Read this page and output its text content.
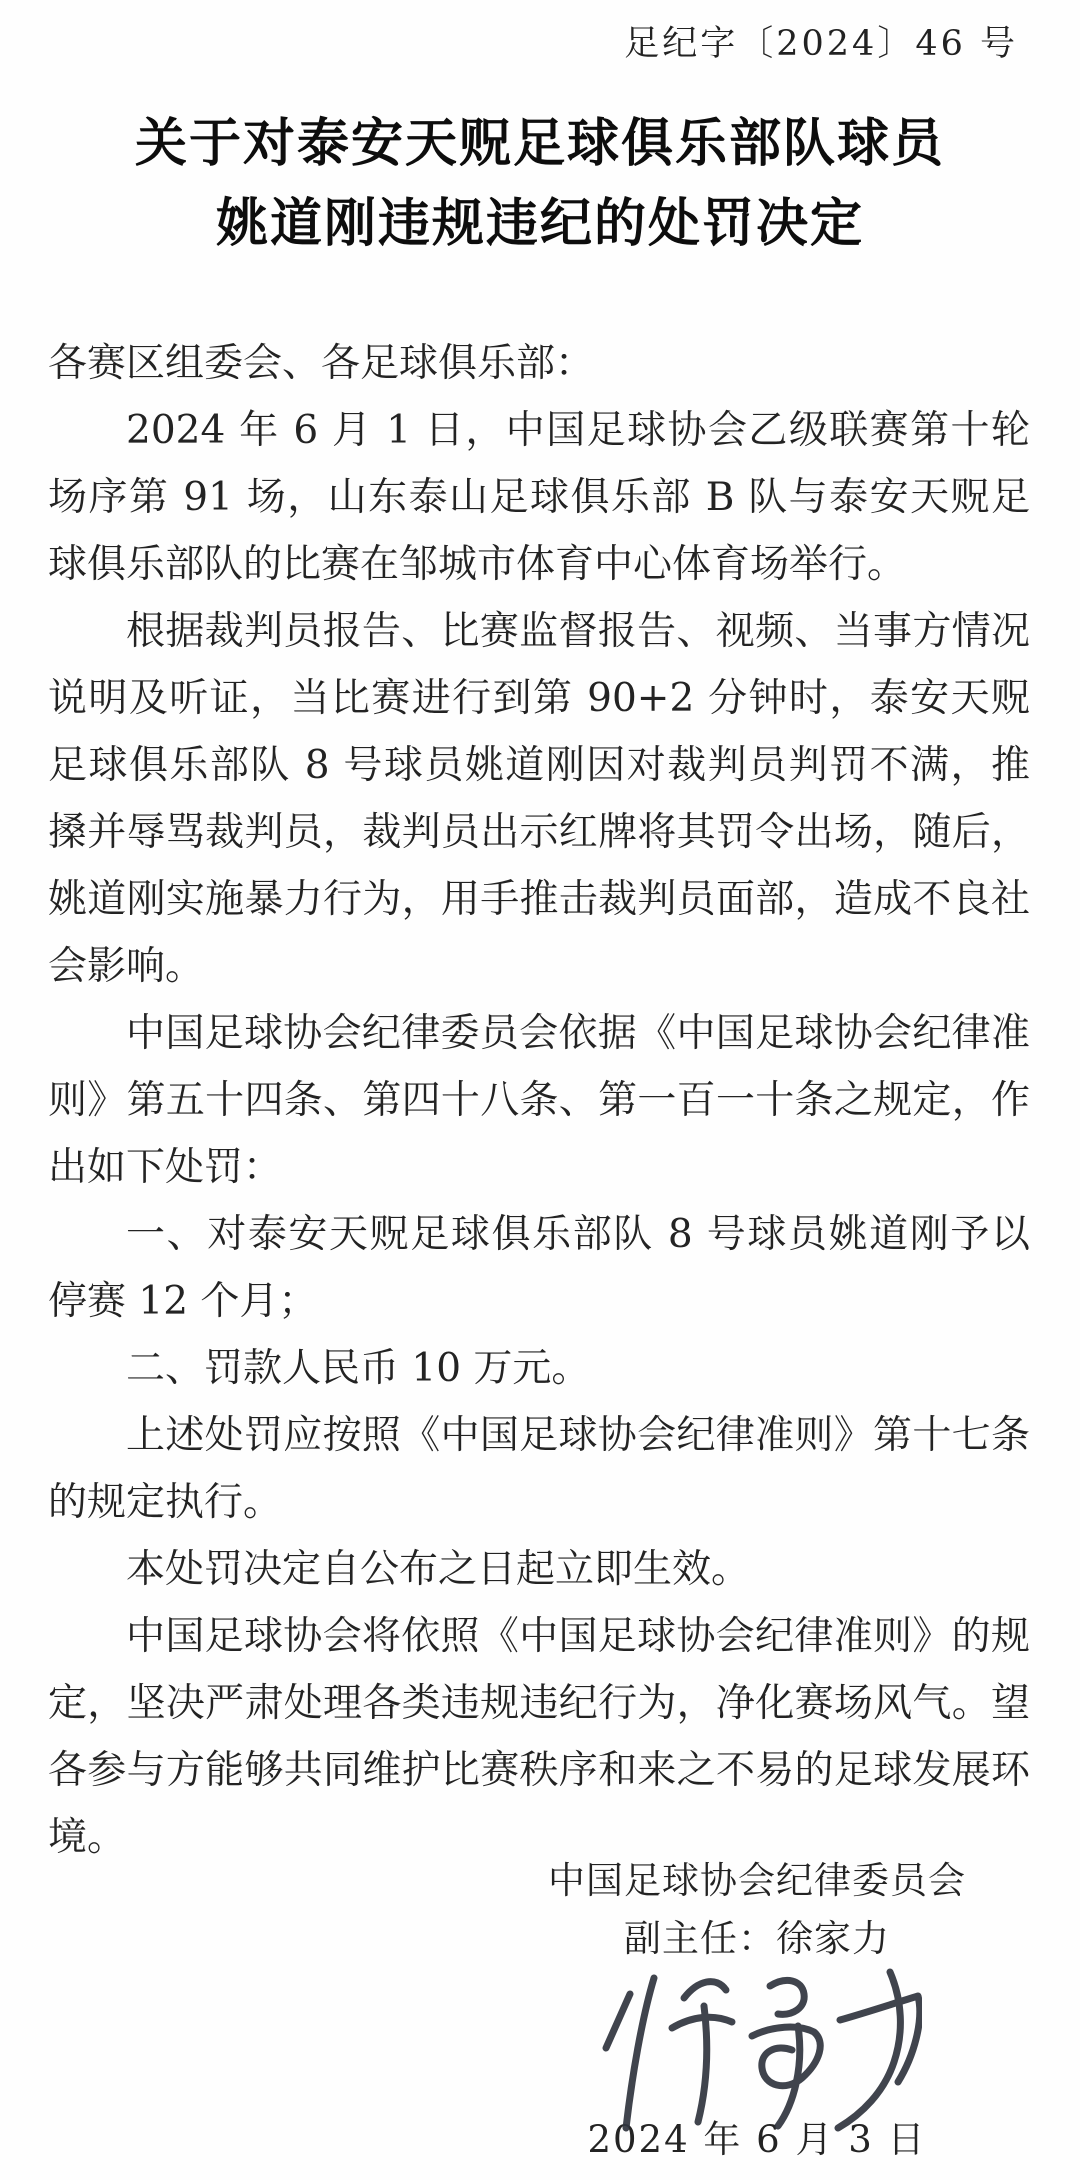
足纪字〔2024〕46 号
关于对泰安天贶足球俱乐部队球员
姚道刚违规违纪的处罚决定

各赛区组委会、各足球俱乐部：

2024 年 6 月 1 日，中国足球协会乙级联赛第十轮场序第 91 场，山东泰山足球俱乐部 B 队与泰安天贶足球俱乐部队的比赛在邹城市体育中心体育场举行。

根据裁判员报告、比赛监督报告、视频、当事方情况说明及听证，当比赛进行到第 90+2 分钟时，泰安天贶足球俱乐部队 8 号球员姚道刚因对裁判员判罚不满，推搡并辱骂裁判员，裁判员出示红牌将其罚令出场，随后，姚道刚实施暴力行为，用手推击裁判员面部，造成不良社会影响。

中国足球协会纪律委员会依据《中国足球协会纪律准则》第五十四条、第四十八条、第一百一十条之规定，作出如下处罚：

一、对泰安天贶足球俱乐部队 8 号球员姚道刚予以停赛 12 个月；

二、罚款人民币 10 万元。

上述处罚应按照《中国足球协会纪律准则》第十七条的规定执行。

本处罚决定自公布之日起立即生效。

中国足球协会将依照《中国足球协会纪律准则》的规定，坚决严肃处理各类违规违纪行为，净化赛场风气。望各参与方能够共同维护比赛秩序和来之不易的足球发展环境。

中国足球协会纪律委员会
副主任：徐家力
2024 年 6 月 3 日
